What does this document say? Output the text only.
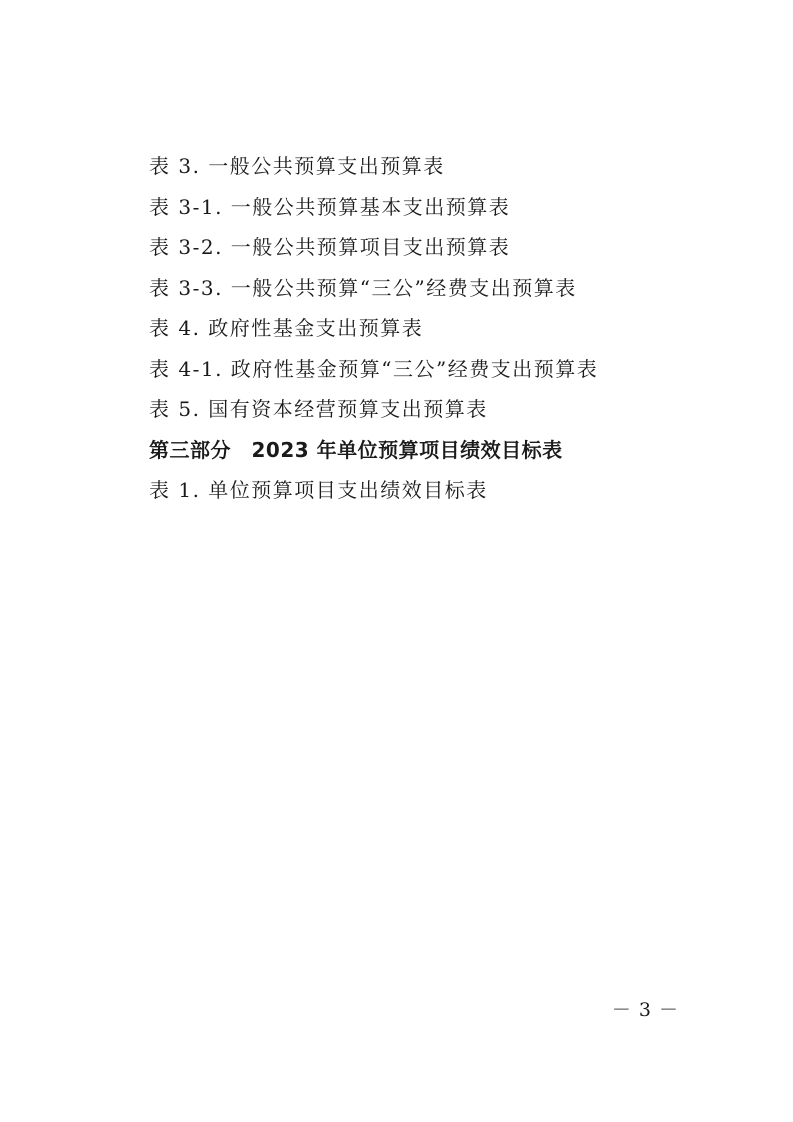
表 3. 一般公共预算支出预算表
表 3-1. 一般公共预算基本支出预算表
表 3-2. 一般公共预算项目支出预算表
表 3-3. 一般公共预算“三公”经费支出预算表
表 4. 政府性基金支出预算表
表 4-1. 政府性基金预算“三公”经费支出预算表
表 5. 国有资本经营预算支出预算表
第三部分　2023 年单位预算项目绩效目标表
表 1. 单位预算项目支出绩效目标表
－ 3 －
